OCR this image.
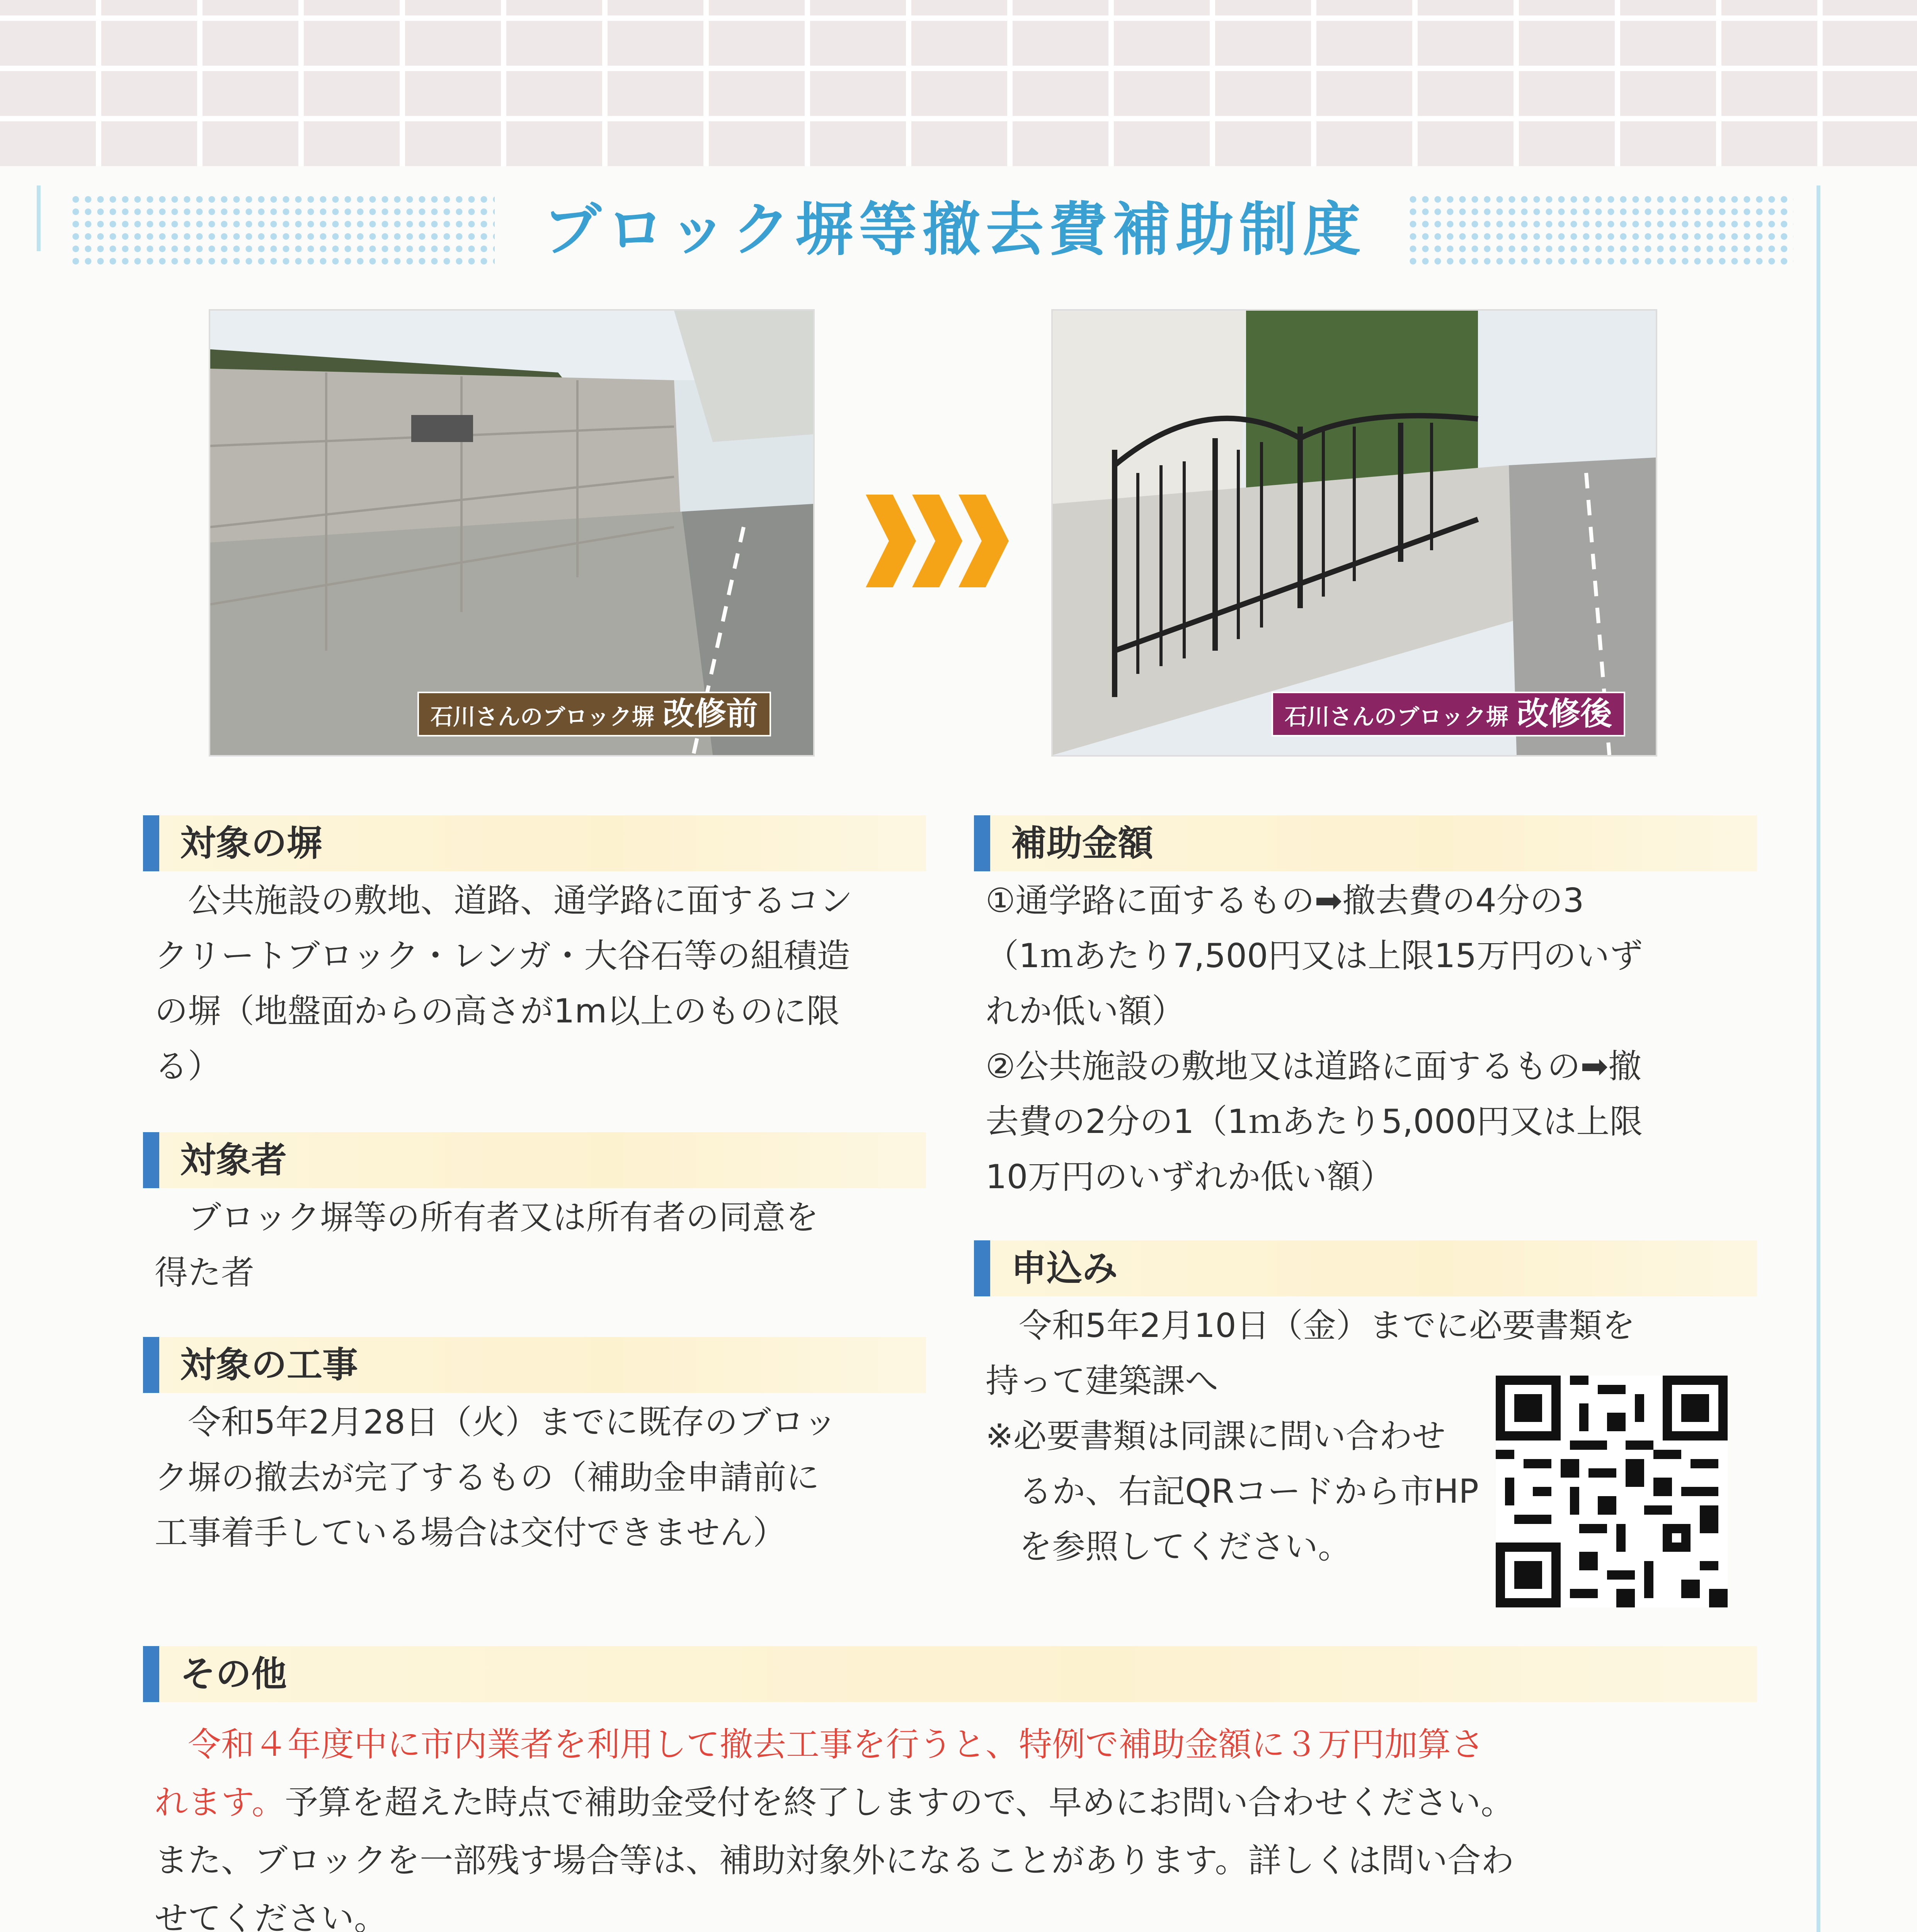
ブロック塀等撤去費補助制度
石川さんのブロック塀 改修前	石川さんのブロック塀 改修後
対象の塀
　公共施設の敷地、道路、通学路に面するコン
クリートブロック・レンガ・大谷石等の組積造
の塀（地盤面からの高さが1m以上のものに限
る）
対象者
　ブロック塀等の所有者又は所有者の同意を
得た者
対象の工事
　令和5年2月28日（火）までに既存のブロッ
ク塀の撤去が完了するもの（補助金申請前に
工事着手している場合は交付できません）
補助金額
①通学路に面するもの➡撤去費の4分の3
（1ｍあたり7,500円又は上限15万円のいず
れか低い額）
②公共施設の敷地又は道路に面するもの➡撤
去費の2分の1（1ｍあたり5,000円又は上限
10万円のいずれか低い額）
申込み
　令和5年2月10日（金）までに必要書類を
持って建築課へ
※必要書類は同課に問い合わせ
　るか、右記QRコードから市HP
　を参照してください。
その他
　令和４年度中に市内業者を利用して撤去工事を行うと、特例で補助金額に３万円加算さ
れます。予算を超えた時点で補助金受付を終了しますので、早めにお問い合わせください。
また、ブロックを一部残す場合等は、補助対象外になることがあります。詳しくは問い合わ
せてください。
